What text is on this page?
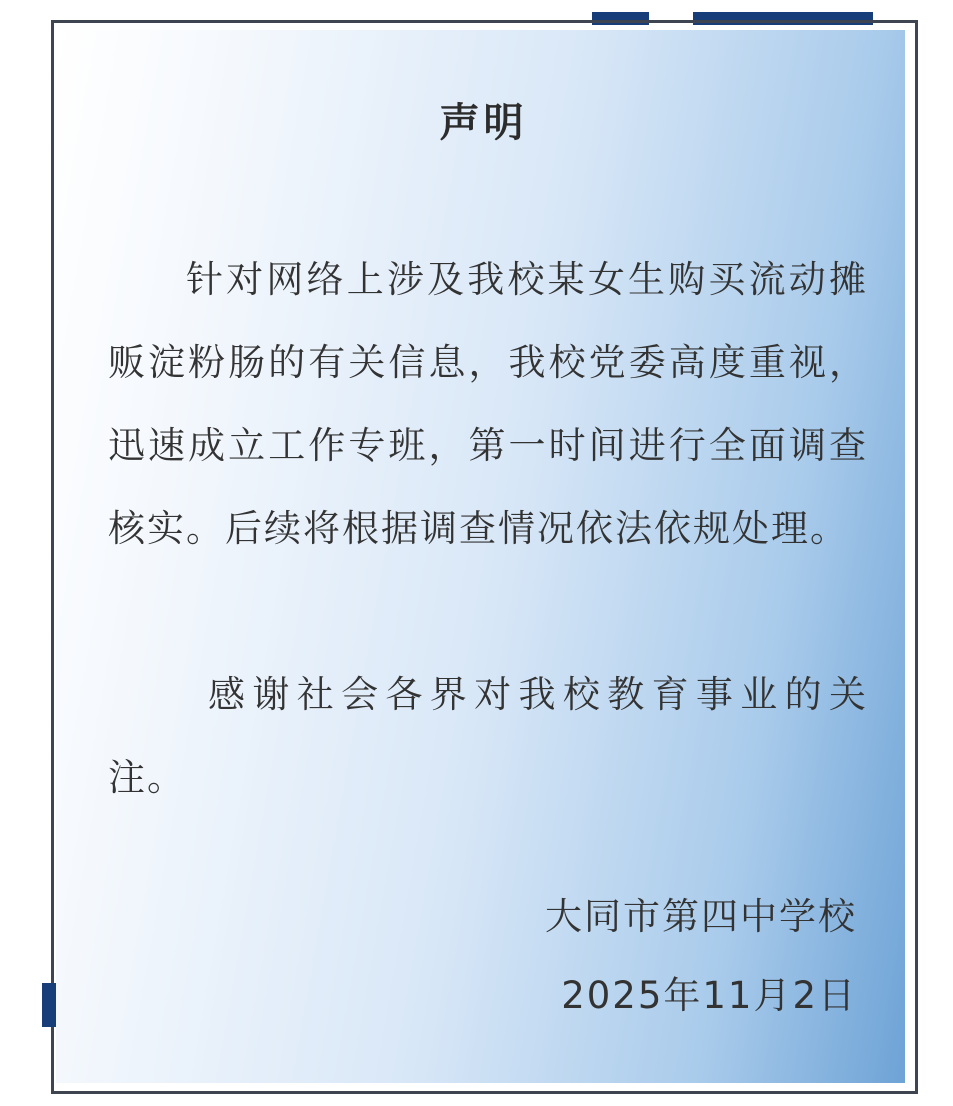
声明

针对网络上涉及我校某女生购买流动摊贩淀粉肠的有关信息，我校党委高度重视，迅速成立工作专班，第一时间进行全面调查核实。后续将根据调查情况依法依规处理。

感谢社会各界对我校教育事业的关注。

大同市第四中学校
2025年11月2日
